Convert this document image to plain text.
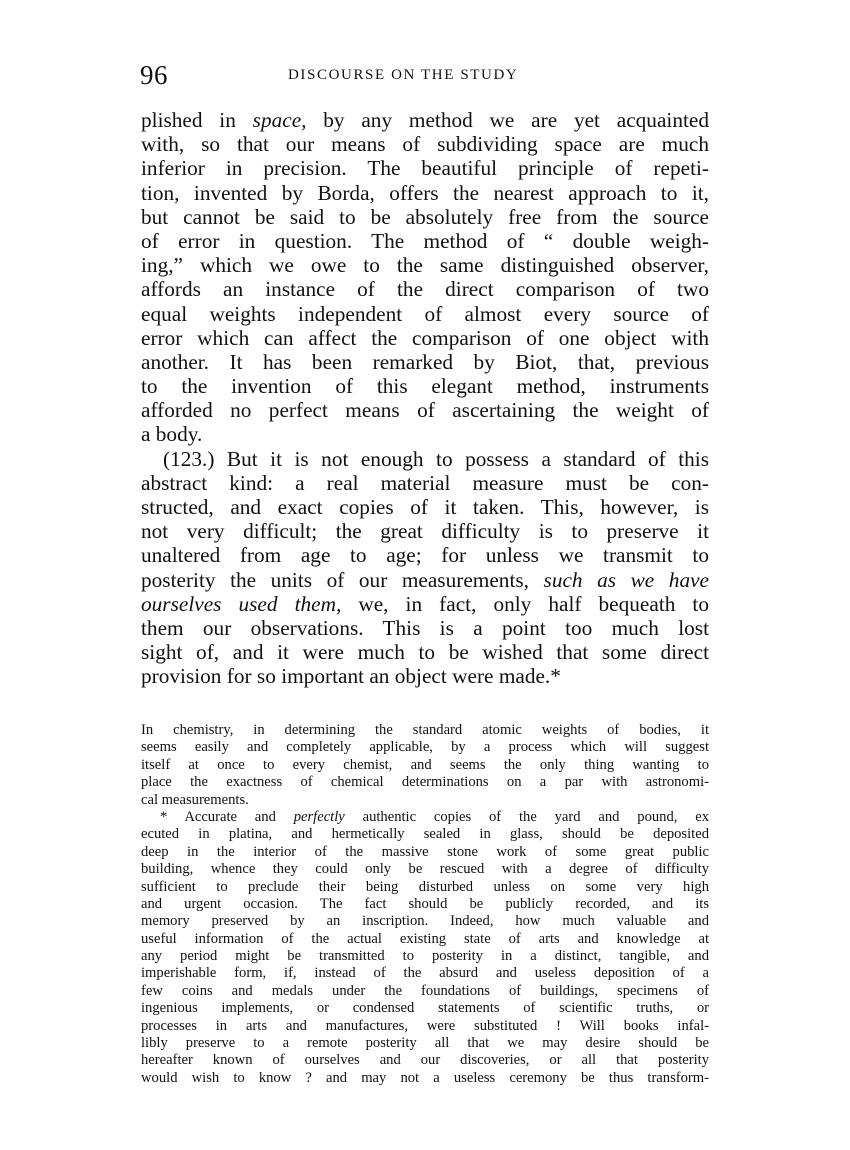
96	DISCOURSE ON THE STUDY
plished in space, by any method we are yet acquainted
with, so that our means of subdividing space are much
inferior in precision. The beautiful principle of repeti-
tion, invented by Borda, offers the nearest approach to it,
but cannot be said to be absolutely free from the source
of error in question. The method of “ double weigh-
ing,” which we owe to the same distinguished observer,
affords an instance of the direct comparison of two
equal weights independent of almost every source of
error which can affect the comparison of one object with
another. It has been remarked by Biot, that, previous
to the invention of this elegant method, instruments
afforded no perfect means of ascertaining the weight of
a body.
(123.) But it is not enough to possess a standard of this
abstract kind: a real material measure must be con-
structed, and exact copies of it taken. This, however, is
not very difficult; the great difficulty is to preserve it
unaltered from age to age; for unless we transmit to
posterity the units of our measurements, such as we have
ourselves used them, we, in fact, only half bequeath to
them our observations. This is a point too much lost
sight of, and it were much to be wished that some direct
provision for so important an object were made.*
In chemistry, in determining the standard atomic weights of bodies, it
seems easily and completely applicable, by a process which will suggest
itself at once to every chemist, and seems the only thing wanting to
place the exactness of chemical determinations on a par with astronomi-
cal measurements.
* Accurate and perfectly authentic copies of the yard and pound, ex
ecuted in platina, and hermetically sealed in glass, should be deposited
deep in the interior of the massive stone work of some great public
building, whence they could only be rescued with a degree of difficulty
sufficient to preclude their being disturbed unless on some very high
and urgent occasion. The fact should be publicly recorded, and its
memory preserved by an inscription. Indeed, how much valuable and
useful information of the actual existing state of arts and knowledge at
any period might be transmitted to posterity in a distinct, tangible, and
imperishable form, if, instead of the absurd and useless deposition of a
few coins and medals under the foundations of buildings, specimens of
ingenious implements, or condensed statements of scientific truths, or
processes in arts and manufactures, were substituted ! Will books infal-
libly preserve to a remote posterity all that we may desire should be
hereafter known of ourselves and our discoveries, or all that posterity
would wish to know ? and may not a useless ceremony be thus transform-
